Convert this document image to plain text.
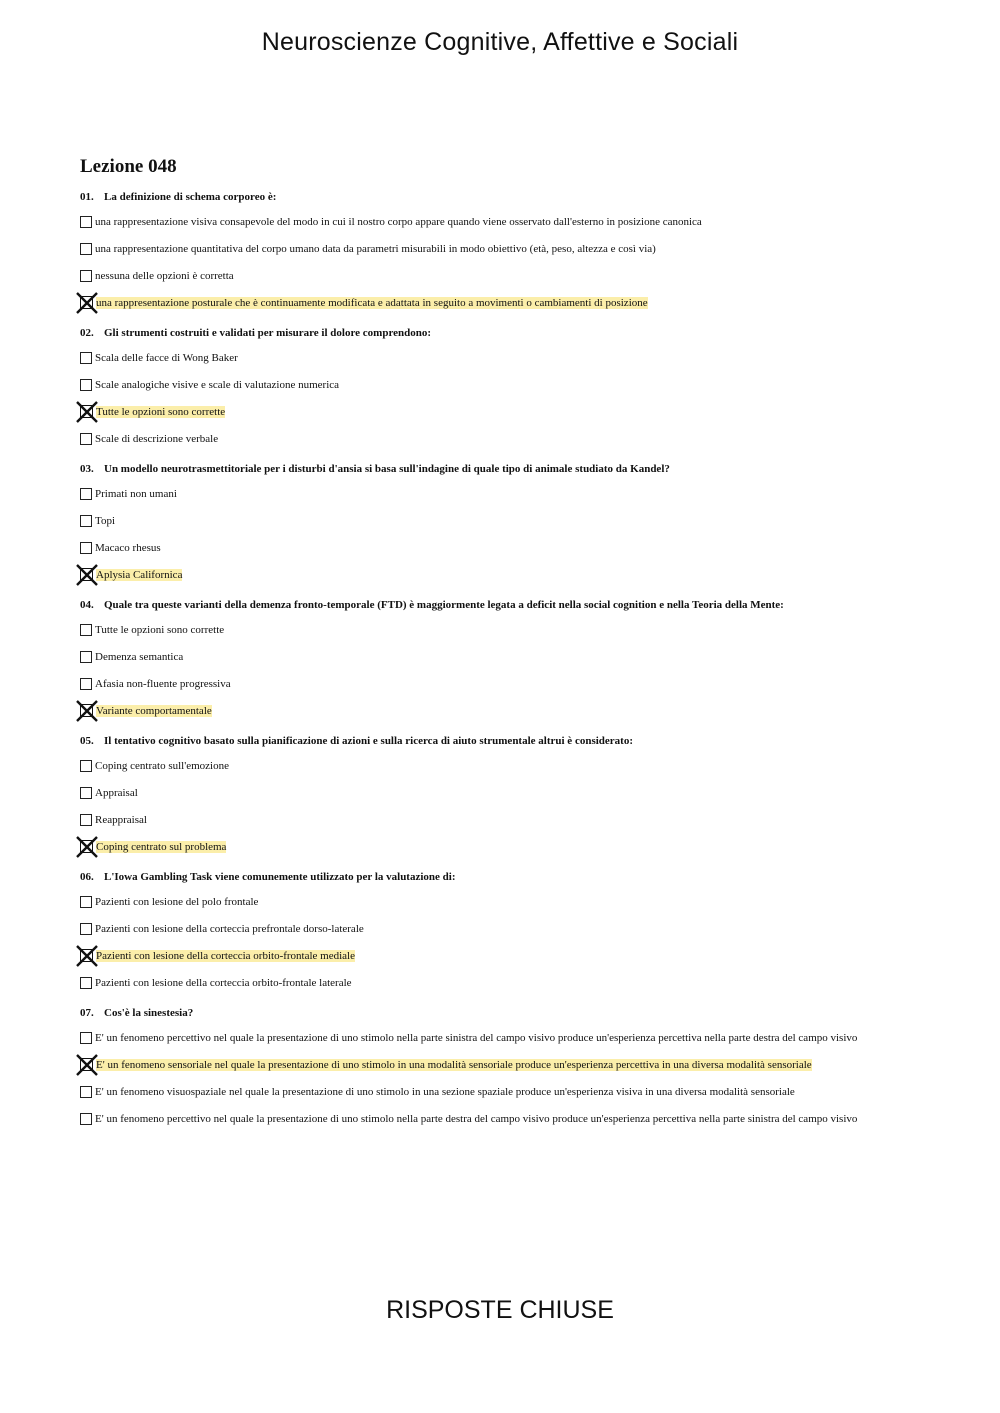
Neuroscienze Cognitive, Affettive e Sociali
Lezione 048
01. La definizione di schema corporeo è:
una rappresentazione visiva consapevole del modo in cui il nostro corpo appare quando viene osservato dall'esterno in posizione canonica
una rappresentazione quantitativa del corpo umano data da parametri misurabili in modo obiettivo (età, peso, altezza e così via)
nessuna delle opzioni è corretta
una rappresentazione posturale che è continuamente modificata e adattata in seguito a movimenti o cambiamenti di posizione
02. Gli strumenti costruiti e validati per misurare il dolore comprendono:
Scala delle facce di Wong Baker
Scale analogiche visive e scale di valutazione numerica
Tutte le opzioni sono corrette
Scale di descrizione verbale
03. Un modello neurotrasmettitoriale per i disturbi d'ansia si basa sull'indagine di quale tipo di animale studiato da Kandel?
Primati non umani
Topi
Macaco rhesus
Aplysia Californica
04. Quale tra queste varianti della demenza fronto-temporale (FTD) è maggiormente legata a deficit nella social cognition e nella Teoria della Mente:
Tutte le opzioni sono corrette
Demenza semantica
Afasia non-fluente progressiva
Variante comportamentale
05. Il tentativo cognitivo basato sulla pianificazione di azioni e sulla ricerca di aiuto strumentale altrui è considerato:
Coping centrato sull'emozione
Appraisal
Reappraisal
Coping centrato sul problema
06. L'Iowa Gambling Task viene comunemente utilizzato per la valutazione di:
Pazienti con lesione del polo frontale
Pazienti con lesione della corteccia prefrontale dorso-laterale
Pazienti con lesione della corteccia orbito-frontale mediale
Pazienti con lesione della corteccia orbito-frontale laterale
07. Cos'è la sinestesia?
E' un fenomeno percettivo nel quale la presentazione di uno stimolo nella parte sinistra del campo visivo produce un'esperienza percettiva nella parte destra del campo visivo
E' un fenomeno sensoriale nel quale la presentazione di uno stimolo in una modalità sensoriale produce un'esperienza percettiva in una diversa modalità sensoriale
E' un fenomeno visuospaziale nel quale la presentazione di uno stimolo in una sezione spaziale produce un'esperienza visiva in una diversa modalità sensoriale
E' un fenomeno percettivo nel quale la presentazione di uno stimolo nella parte destra del campo visivo produce un'esperienza percettiva nella parte sinistra del campo visivo
RISPOSTE CHIUSE
